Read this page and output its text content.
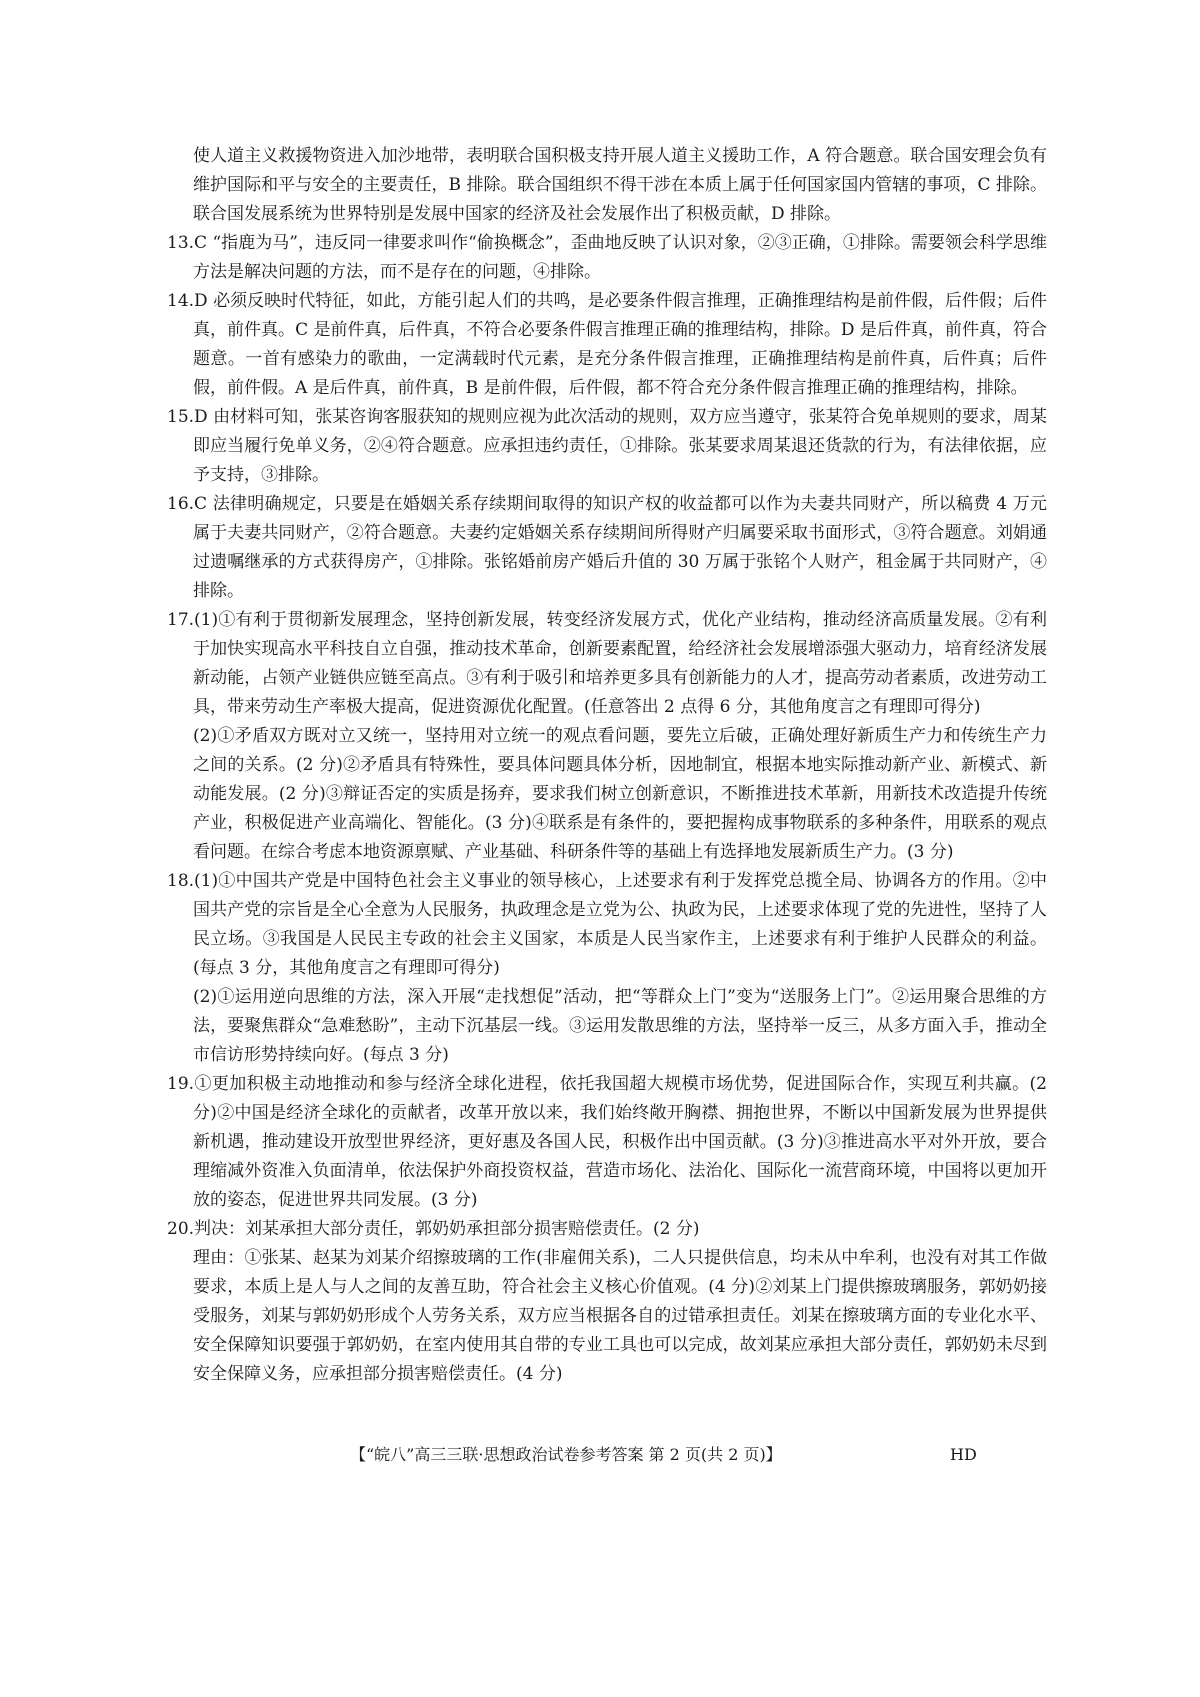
使人道主义救援物资进入加沙地带，表明联合国积极支持开展人道主义援助工作，A 符合题意。联合国安理会负有维护国际和平与安全的主要责任，B 排除。联合国组织不得干涉在本质上属于任何国家国内管辖的事项，C 排除。联合国发展系统为世界特别是发展中国家的经济及社会发展作出了积极贡献，D 排除。

13.C “指鹿为马”，违反同一律要求叫作“偷换概念”，歪曲地反映了认识对象，②③正确，①排除。需要领会科学思维方法是解决问题的方法，而不是存在的问题，④排除。

14.D 必须反映时代特征，如此，方能引起人们的共鸣，是必要条件假言推理，正确推理结构是前件假，后件假；后件真，前件真。C 是前件真，后件真，不符合必要条件假言推理正确的推理结构，排除。D 是后件真，前件真，符合题意。一首有感染力的歌曲，一定满载时代元素，是充分条件假言推理，正确推理结构是前件真，后件真；后件假，前件假。A 是后件真，前件真，B 是前件假，后件假，都不符合充分条件假言推理正确的推理结构，排除。

15.D 由材料可知，张某咨询客服获知的规则应视为此次活动的规则，双方应当遵守，张某符合免单规则的要求，周某即应当履行免单义务，②④符合题意。应承担违约责任，①排除。张某要求周某退还货款的行为，有法律依据，应予支持，③排除。

16.C 法律明确规定，只要是在婚姻关系存续期间取得的知识产权的收益都可以作为夫妻共同财产，所以稿费 4 万元属于夫妻共同财产，②符合题意。夫妻约定婚姻关系存续期间所得财产归属要采取书面形式，③符合题意。刘娟通过遗嘱继承的方式获得房产，①排除。张铭婚前房产婚后升值的 30 万属于张铭个人财产，租金属于共同财产，④排除。

17.(1)①有利于贯彻新发展理念，坚持创新发展，转变经济发展方式，优化产业结构，推动经济高质量发展。②有利于加快实现高水平科技自立自强，推动技术革命，创新要素配置，给经济社会发展增添强大驱动力，培育经济发展新动能，占领产业链供应链至高点。③有利于吸引和培养更多具有创新能力的人才，提高劳动者素质，改进劳动工具，带来劳动生产率极大提高，促进资源优化配置。(任意答出 2 点得 6 分，其他角度言之有理即可得分)

(2)①矛盾双方既对立又统一，坚持用对立统一的观点看问题，要先立后破，正确处理好新质生产力和传统生产力之间的关系。(2 分)②矛盾具有特殊性，要具体问题具体分析，因地制宜，根据本地实际推动新产业、新模式、新动能发展。(2 分)③辩证否定的实质是扬弃，要求我们树立创新意识，不断推进技术革新，用新技术改造提升传统产业，积极促进产业高端化、智能化。(3 分)④联系是有条件的，要把握构成事物联系的多种条件，用联系的观点看问题。在综合考虑本地资源禀赋、产业基础、科研条件等的基础上有选择地发展新质生产力。(3 分)

18.(1)①中国共产党是中国特色社会主义事业的领导核心，上述要求有利于发挥党总揽全局、协调各方的作用。②中国共产党的宗旨是全心全意为人民服务，执政理念是立党为公、执政为民，上述要求体现了党的先进性，坚持了人民立场。③我国是人民民主专政的社会主义国家，本质是人民当家作主，上述要求有利于维护人民群众的利益。(每点 3 分，其他角度言之有理即可得分)

(2)①运用逆向思维的方法，深入开展“走找想促”活动，把“等群众上门”变为“送服务上门”。②运用聚合思维的方法，要聚焦群众“急难愁盼”，主动下沉基层一线。③运用发散思维的方法，坚持举一反三，从多方面入手，推动全市信访形势持续向好。(每点 3 分)

19.①更加积极主动地推动和参与经济全球化进程，依托我国超大规模市场优势，促进国际合作，实现互利共赢。(2 分)②中国是经济全球化的贡献者，改革开放以来，我们始终敞开胸襟、拥抱世界，不断以中国新发展为世界提供新机遇，推动建设开放型世界经济，更好惠及各国人民，积极作出中国贡献。(3 分)③推进高水平对外开放，要合理缩减外资准入负面清单，依法保护外商投资权益，营造市场化、法治化、国际化一流营商环境，中国将以更加开放的姿态，促进世界共同发展。(3 分)

20.判决：刘某承担大部分责任，郭奶奶承担部分损害赔偿责任。(2 分)

理由：①张某、赵某为刘某介绍擦玻璃的工作(非雇佣关系)，二人只提供信息，均未从中牟利，也没有对其工作做要求，本质上是人与人之间的友善互助，符合社会主义核心价值观。(4 分)②刘某上门提供擦玻璃服务，郭奶奶接受服务，刘某与郭奶奶形成个人劳务关系，双方应当根据各自的过错承担责任。刘某在擦玻璃方面的专业化水平、安全保障知识要强于郭奶奶，在室内使用其自带的专业工具也可以完成，故刘某应承担大部分责任，郭奶奶未尽到安全保障义务，应承担部分损害赔偿责任。(4 分)

【“皖八”高三三联·思想政治试卷参考答案 第 2 页(共 2 页)】	HD
